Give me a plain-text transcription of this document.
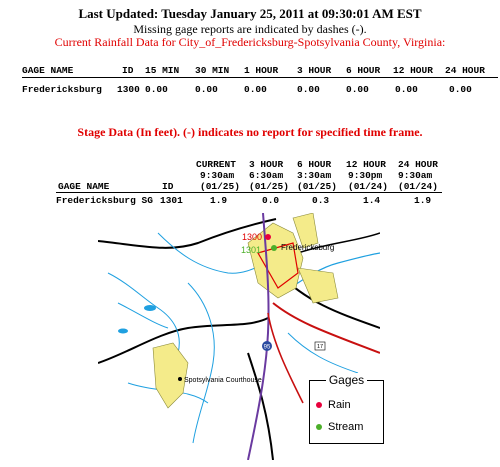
Last Updated: Tuesday January 25, 2011 at 09:30:01 AM EST
Missing gage reports are indicated by dashes (-).
Current Rainfall Data for City_of_Fredericksburg-Spotsylvania County, Virginia:
GAGE NAME	ID 15 MIN 30 MIN 1 HOUR 3 HOUR 6 HOUR 12 HOUR 24 HOUR
Fredericksburg 1300 0.00	0.00	0.00	0.00	0.00	0.00	0.00
Stage Data (In feet). (-) indicates no report for specified time frame.
CURRENT 3 HOUR 6 HOUR 12 HOUR 24 HOUR
9:30am 6:30am 3:30am 9:30pm 9:30am
GAGE NAME	ID	(01/25) (01/25) (01/25) (01/24) (01/24)
Fredericksburg SG 1301	1.9	0.0	0.3	1.4	1.9
95	17
1300
1301 Fredericksburg
Spotsylvania Courthouse	Gages
Rain
Stream
